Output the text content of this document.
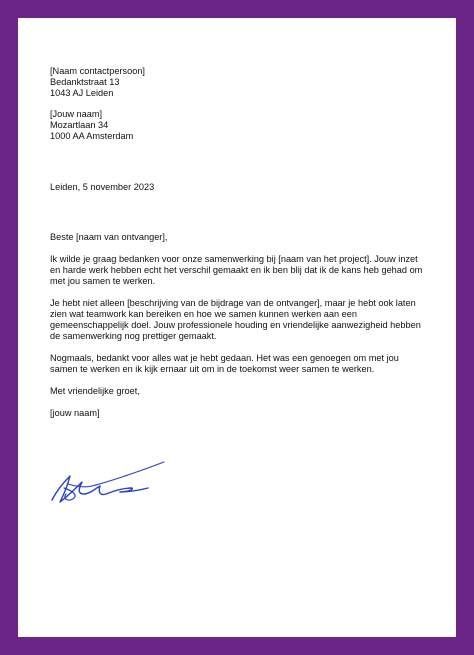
[Naam contactpersoon]
Bedanktstraat 13
1043 AJ Leiden
[Jouw naam]
Mozartlaan 34
1000 AA Amsterdam
Leiden, 5 november 2023

Beste [naam van ontvanger],

Ik wilde je graag bedanken voor onze samenwerking bij [naam van het project]. Jouw inzet en harde werk hebben echt het verschil gemaakt en ik ben blij dat ik de kans heb gehad om met jou samen te werken.

Je hebt niet alleen [beschrijving van de bijdrage van de ontvanger], maar je hebt ook laten zien wat teamwork kan bereiken en hoe we samen kunnen werken aan een gemeenschappelijk doel. Jouw professionele houding en vriendelijke aanwezigheid hebben de samenwerking nog prettiger gemaakt.

Nogmaals, bedankt voor alles wat je hebt gedaan. Het was een genoegen om met jou samen te werken en ik kijk ernaar uit om in de toekomst weer samen te werken.

Met vriendelijke groet,

[jouw naam]
